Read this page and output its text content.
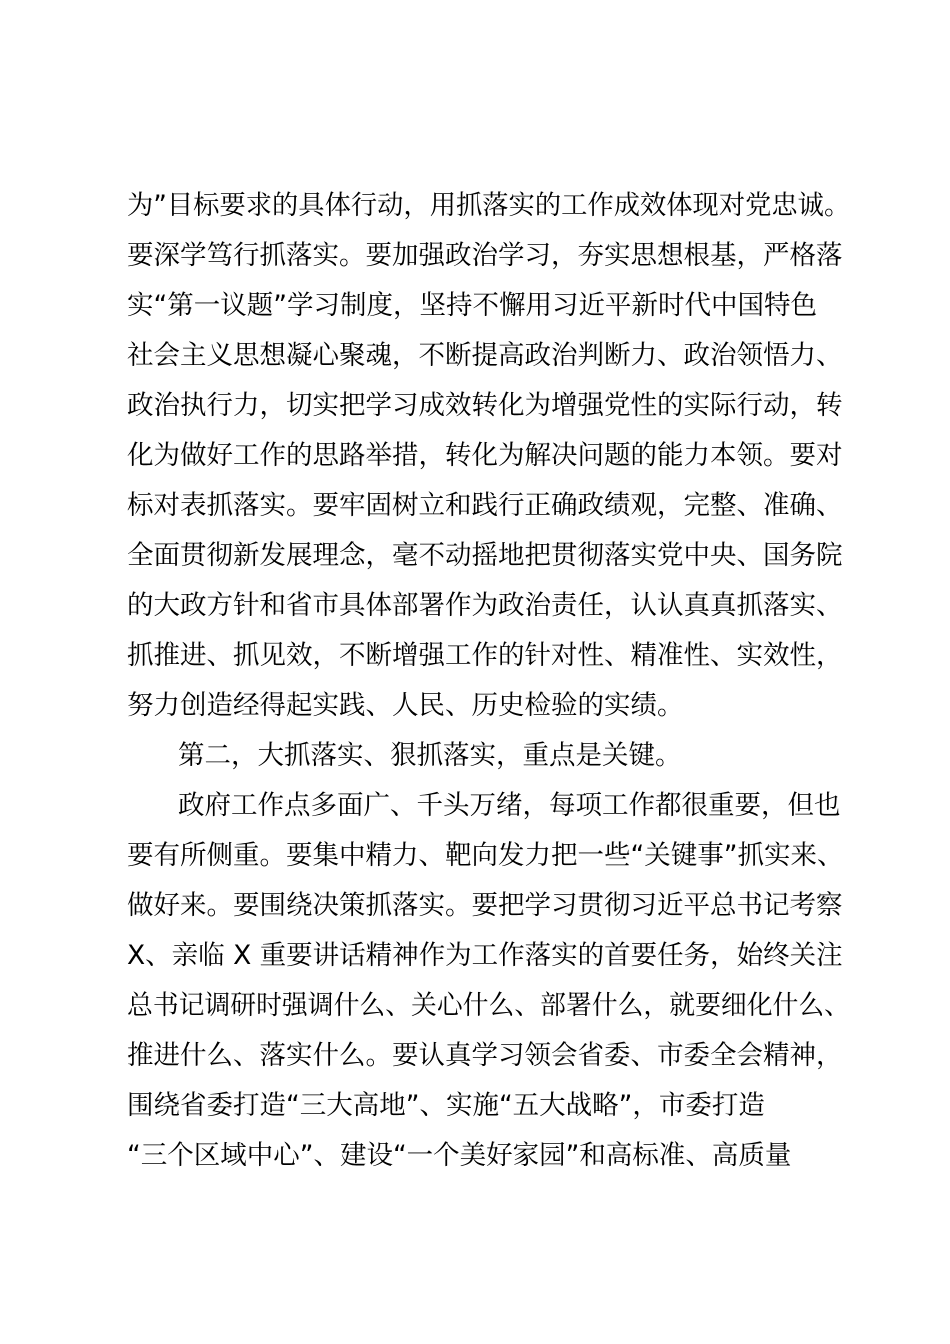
为”目标要求的具体行动，用抓落实的工作成效体现对党忠诚。
要深学笃行抓落实。要加强政治学习，夯实思想根基，严格落
实“第一议题”学习制度，坚持不懈用习近平新时代中国特色
社会主义思想凝心聚魂，不断提高政治判断力、政治领悟力、
政治执行力，切实把学习成效转化为增强党性的实际行动，转
化为做好工作的思路举措，转化为解决问题的能力本领。要对
标对表抓落实。要牢固树立和践行正确政绩观，完整、准确、
全面贯彻新发展理念，毫不动摇地把贯彻落实党中央、国务院
的大政方针和省市具体部署作为政治责任，认认真真抓落实、
抓推进、抓见效，不断增强工作的针对性、精准性、实效性，
努力创造经得起实践、人民、历史检验的实绩。
第二，大抓落实、狠抓落实，重点是关键。
政府工作点多面广、千头万绪，每项工作都很重要，但也
要有所侧重。要集中精力、靶向发力把一些“关键事”抓实来、
做好来。要围绕决策抓落实。要把学习贯彻习近平总书记考察
X、亲临 X 重要讲话精神作为工作落实的首要任务，始终关注
总书记调研时强调什么、关心什么、部署什么，就要细化什么、
推进什么、落实什么。要认真学习领会省委、市委全会精神，
围绕省委打造“三大高地”、实施“五大战略”，市委打造
“三个区域中心”、建设“一个美好家园”和高标准、高质量
